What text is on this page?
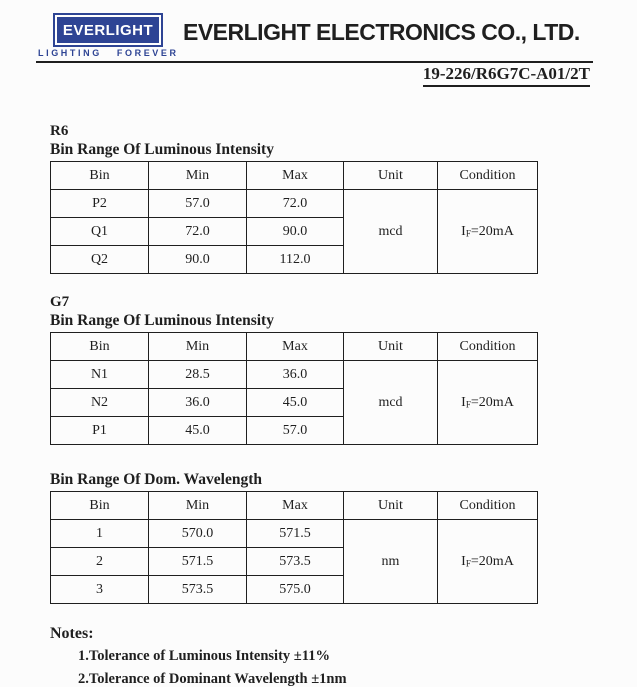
EVERLIGHT
LIGHTING FOREVER
EVERLIGHT ELECTRONICS CO., LTD.
19-226/R6G7C-A01/2T
R6
Bin Range Of Luminous Intensity
Bin	Min	Max	Unit	Condition
P2	57.0	72.0	mcd	$I_F=20mA$
Q1	72.0	90.0		
Q2	90.0	112.0		
G7
Bin Range Of Luminous Intensity
Bin	Min	Max	Unit	Condition
N1	28.5	36.0	mcd	$I_F=20mA$
N2	36.0	45.0		
P1	45.0	57.0		
Bin Range Of Dom. Wavelength
Bin	Min	Max	Unit	Condition
1	570.0	571.5	nm	$I_F=20mA$
2	571.5	573.5		
3	573.5	575.0		
Notes:
1.Tolerance of Luminous Intensity ±11%
2.Tolerance of Dominant Wavelength ±1nm
